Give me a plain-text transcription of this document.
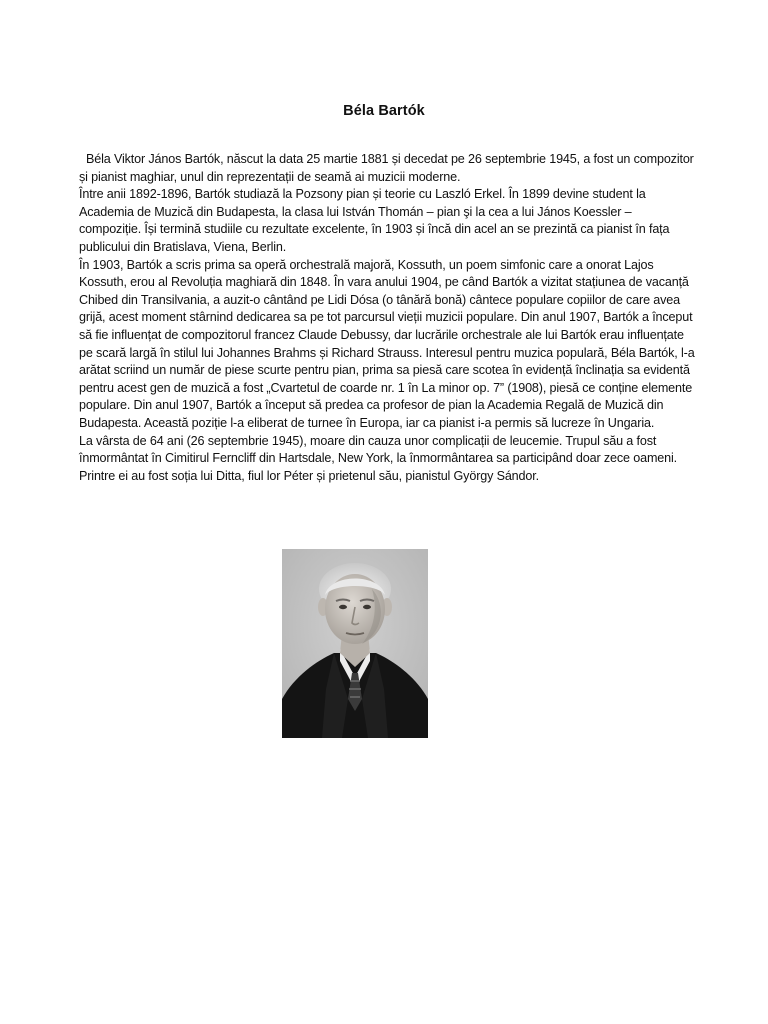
Béla Bartók

Béla Viktor János Bartók, născut la data 25 martie 1881 și decedat pe 26 septembrie 1945, a fost un compozitor și pianist maghiar, unul din reprezentații de seamă ai muzicii moderne.

Între anii 1892-1896, Bartók studiază la Pozsony pian și teorie cu Laszló Erkel. În 1899 devine student la Academia de Muzică din Budapesta, la clasa lui István Thomán – pian şi la cea a lui János Koessler – compoziție. Își termină studiile cu rezultate excelente, în 1903 și încă din acel an se prezintă ca pianist în fața publicului din Bratislava, Viena, Berlin.

În 1903, Bartók a scris prima sa operă orchestrală majoră, Kossuth, un poem simfonic care a onorat Lajos Kossuth, erou al Revoluția maghiară din 1848. În vara anului 1904, pe când Bartók a vizitat stațiunea de vacanță Chibed din Transilvania, a auzit-o cântând pe Lidi Dósa (o tânără bonă) cântece populare copiilor de care avea grijă, acest moment stârnind dedicarea sa pe tot parcursul vieții muzicii populare. Din anul 1907, Bartók a început să fie influențat de compozitorul francez Claude Debussy, dar lucrările orchestrale ale lui Bartók erau influențate pe scară largă în stilul lui Johannes Brahms și Richard Strauss. Interesul pentru muzica populară, Béla Bartók, l-a arătat scriind un număr de piese scurte pentru pian, prima sa piesă care scotea în evidență înclinația sa evidentă pentru acest gen de muzică a fost „Cvartetul de coarde nr. 1 în La minor op. 7” (1908), piesă ce conține elemente populare. Din anul 1907, Bartók a început să predea ca profesor de pian la Academia Regală de Muzică din Budapesta. Această poziție l-a eliberat de turnee în Europa, iar ca pianist i-a permis să lucreze în Ungaria.

La vârsta de 64 ani (26 septembrie 1945), moare din cauza unor complicații de leucemie. Trupul său a fost înmormântat în Cimitirul Ferncliff din Hartsdale, New York, la înmormântarea sa participând doar zece oameni. Printre ei au fost soția lui Ditta, fiul lor Péter și prietenul său, pianistul György Sándor.
